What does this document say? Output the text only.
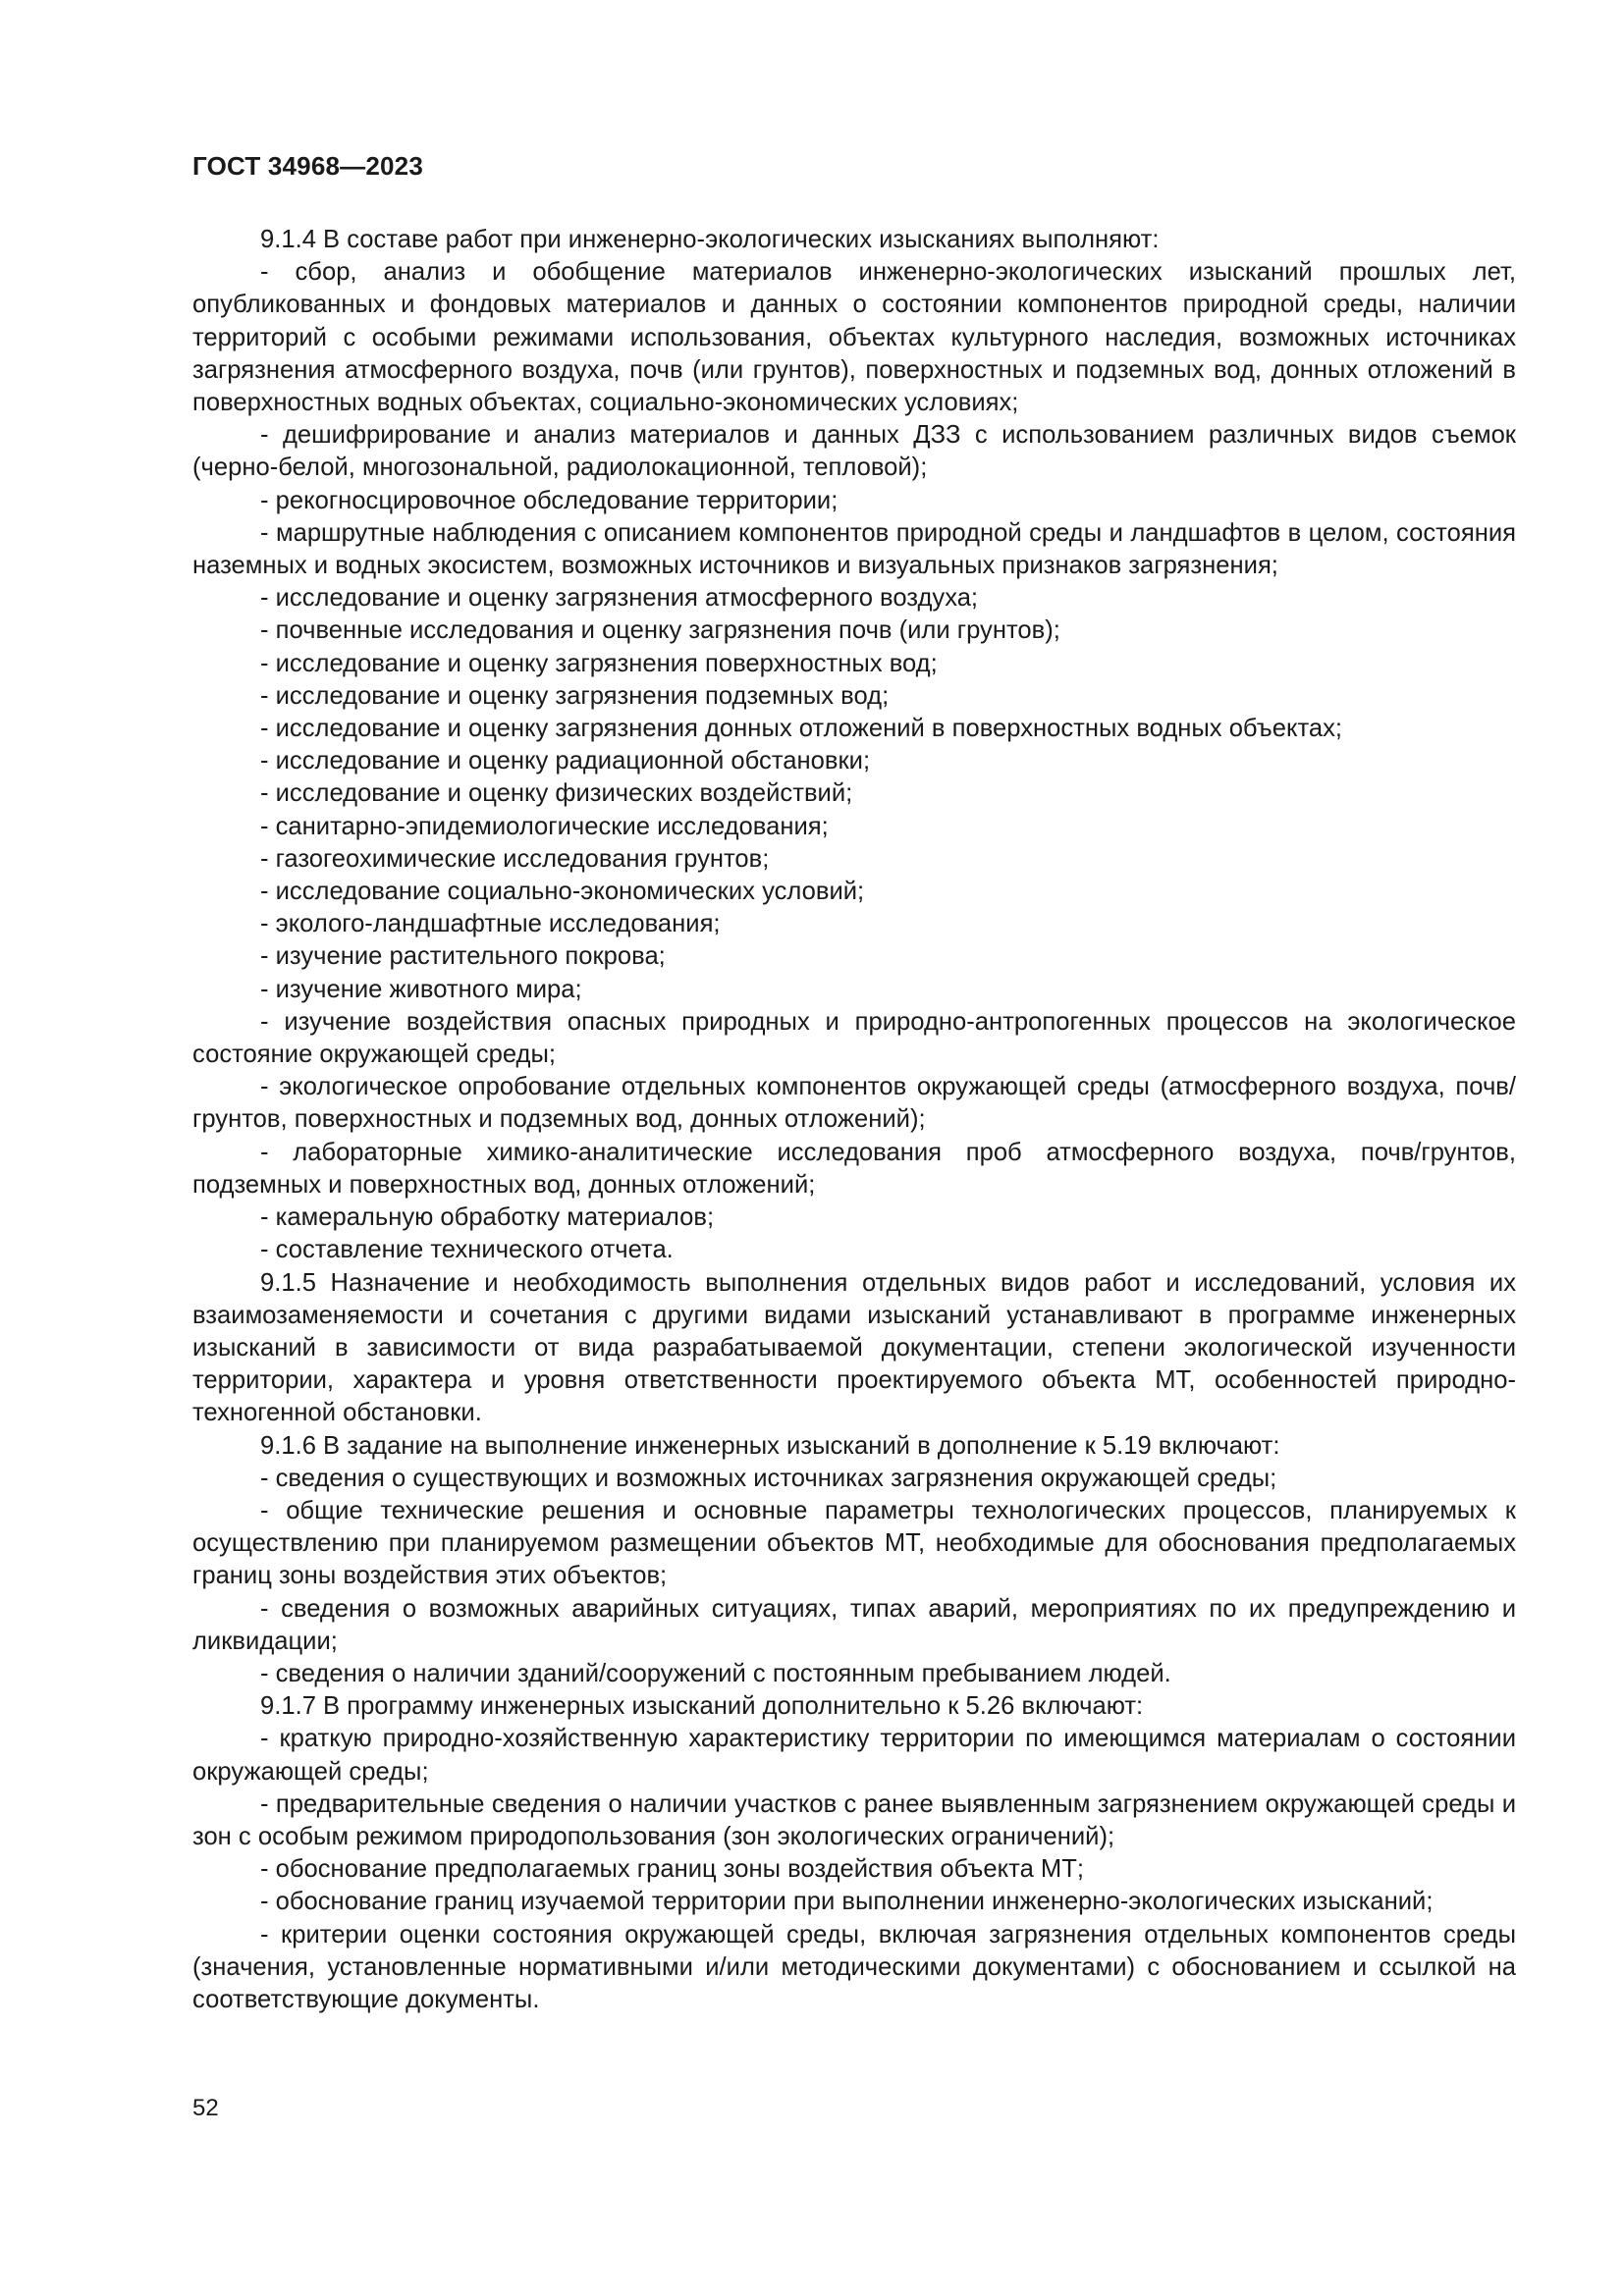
ГОСТ 34968—2023

9.1.4 В составе работ при инженерно-экологических изысканиях выполняют:

- сбор, анализ и обобщение материалов инженерно-экологических изысканий прошлых лет, опубликованных и фондовых материалов и данных о состоянии компонентов природной среды, наличии территорий с особыми режимами использования, объектах культурного наследия, возможных источниках загрязнения атмосферного воздуха, почв (или грунтов), поверхностных и подземных вод, донных отложений в поверхностных водных объектах, социально-экономических условиях;

- дешифрирование и анализ материалов и данных ДЗЗ с использованием различных видов съемок (черно-белой, многозональной, радиолокационной, тепловой);

- рекогносцировочное обследование территории;

- маршрутные наблюдения с описанием компонентов природной среды и ландшафтов в целом, состояния наземных и водных экосистем, возможных источников и визуальных признаков загрязнения;

- исследование и оценку загрязнения атмосферного воздуха;

- почвенные исследования и оценку загрязнения почв (или грунтов);

- исследование и оценку загрязнения поверхностных вод;

- исследование и оценку загрязнения подземных вод;

- исследование и оценку загрязнения донных отложений в поверхностных водных объектах;

- исследование и оценку радиационной обстановки;

- исследование и оценку физических воздействий;

- санитарно-эпидемиологические исследования;

- газогеохимические исследования грунтов;

- исследование социально-экономических условий;

- эколого-ландшафтные исследования;

- изучение растительного покрова;

- изучение животного мира;

- изучение воздействия опасных природных и природно-антропогенных процессов на экологическое состояние окружающей среды;

- экологическое опробование отдельных компонентов окружающей среды (атмосферного воздуха, почв/грунтов, поверхностных и подземных вод, донных отложений);

- лабораторные химико-аналитические исследования проб атмосферного воздуха, почв/грунтов, подземных и поверхностных вод, донных отложений;

- камеральную обработку материалов;

- составление технического отчета.

9.1.5 Назначение и необходимость выполнения отдельных видов работ и исследований, условия их взаимозаменяемости и сочетания с другими видами изысканий устанавливают в программе инженерных изысканий в зависимости от вида разрабатываемой документации, степени экологической изученности территории, характера и уровня ответственности проектируемого объекта МТ, особенностей природно-техногенной обстановки.

9.1.6 В задание на выполнение инженерных изысканий в дополнение к 5.19 включают:

- сведения о существующих и возможных источниках загрязнения окружающей среды;

- общие технические решения и основные параметры технологических процессов, планируемых к осуществлению при планируемом размещении объектов МТ, необходимые для обоснования предполагаемых границ зоны воздействия этих объектов;

- сведения о возможных аварийных ситуациях, типах аварий, мероприятиях по их предупреждению и ликвидации;

- сведения о наличии зданий/сооружений с постоянным пребыванием людей.

9.1.7 В программу инженерных изысканий дополнительно к 5.26 включают:

- краткую природно-хозяйственную характеристику территории по имеющимся материалам о состоянии окружающей среды;

- предварительные сведения о наличии участков с ранее выявленным загрязнением окружающей среды и зон с особым режимом природопользования (зон экологических ограничений);

- обоснование предполагаемых границ зоны воздействия объекта МТ;

- обоснование границ изучаемой территории при выполнении инженерно-экологических изысканий;

- критерии оценки состояния окружающей среды, включая загрязнения отдельных компонентов среды (значения, установленные нормативными и/или методическими документами) с обоснованием и ссылкой на соответствующие документы.

52
